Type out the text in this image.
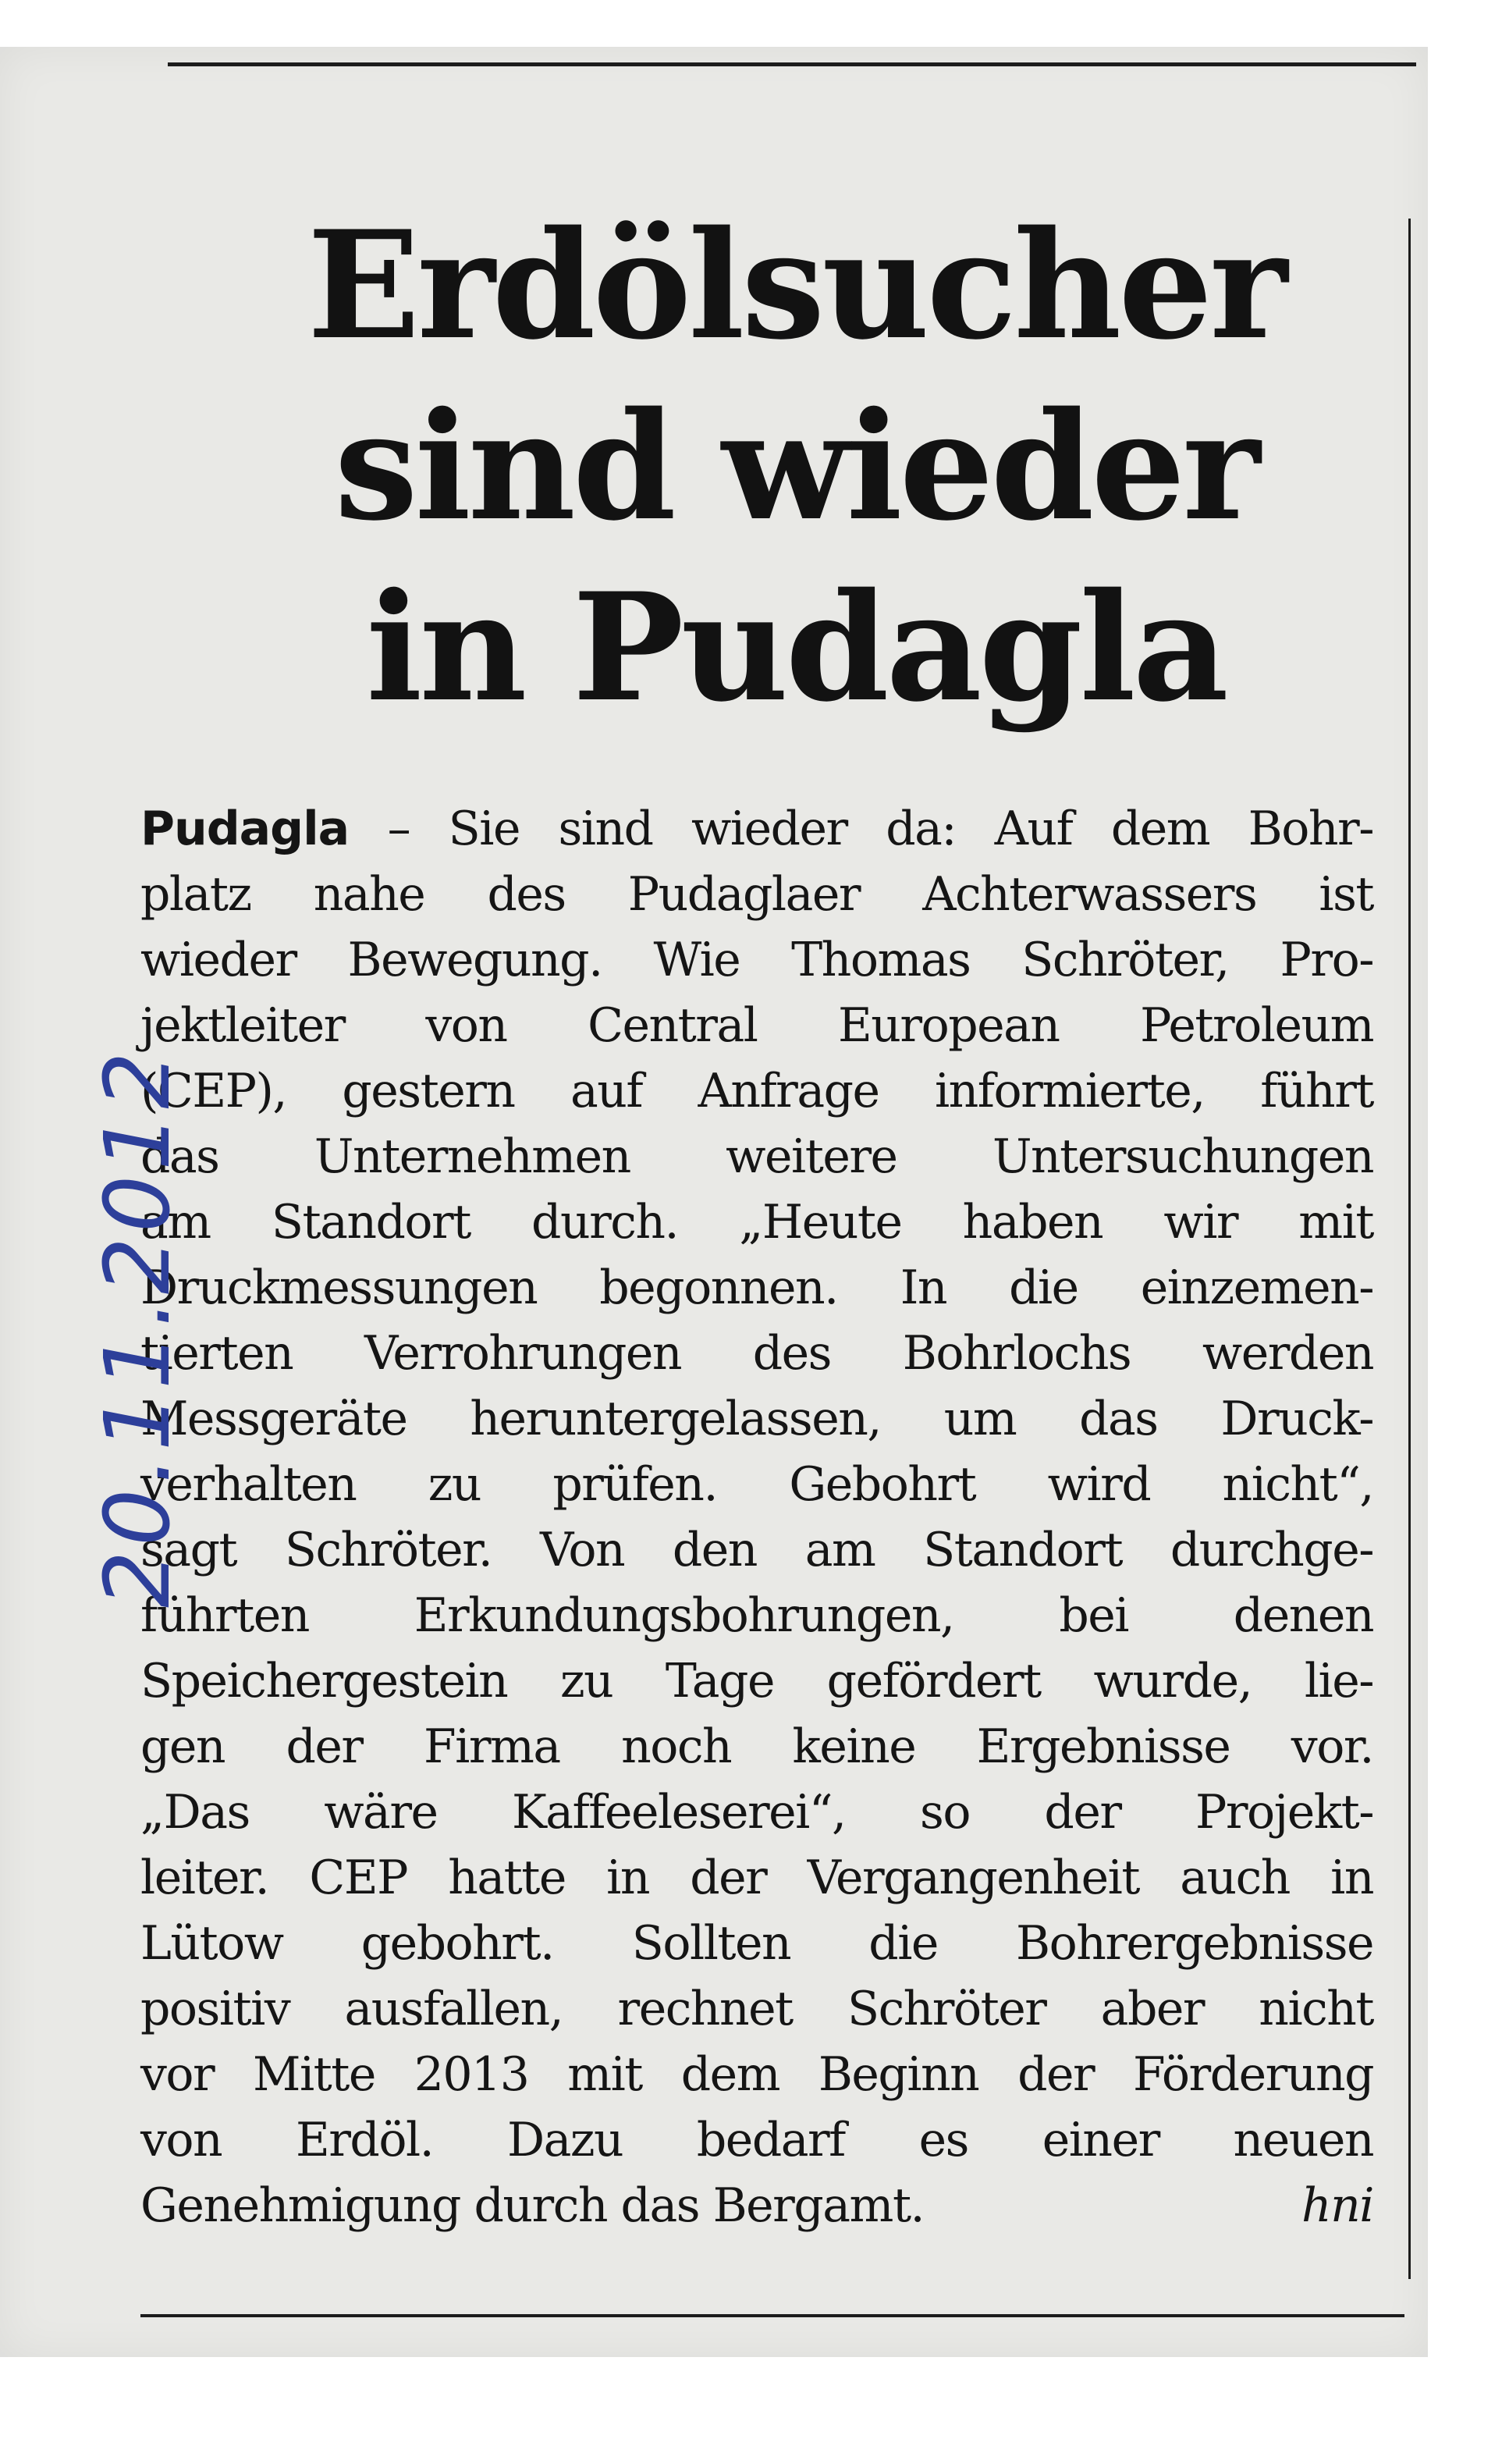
Erdölsucher
sind wieder
in Pudagla
Pudagla – Sie sind wieder da: Auf dem Bohr-
platz nahe des Pudaglaer Achterwassers ist
wieder Bewegung. Wie Thomas Schröter, Pro-
jektleiter von Central European Petroleum
(CEP), gestern auf Anfrage informierte, führt
das Unternehmen weitere Untersuchungen
am Standort durch. „Heute haben wir mit
Druckmessungen begonnen. In die einzemen-
tierten Verrohrungen des Bohrlochs werden
Messgeräte heruntergelassen, um das Druck-
verhalten zu prüfen. Gebohrt wird nicht“,
sagt Schröter. Von den am Standort durchge-
führten Erkundungsbohrungen, bei denen
Speichergestein zu Tage gefördert wurde, lie-
gen der Firma noch keine Ergebnisse vor.
„Das wäre Kaffeeleserei“, so der Projekt-
leiter. CEP hatte in der Vergangenheit auch in
Lütow gebohrt. Sollten die Bohrergebnisse
positiv ausfallen, rechnet Schröter aber nicht
vor Mitte 2013 mit dem Beginn der Förderung
von Erdöl. Dazu bedarf es einer neuen
Genehmigung durch das Bergamt.	hni
20.11.2012
